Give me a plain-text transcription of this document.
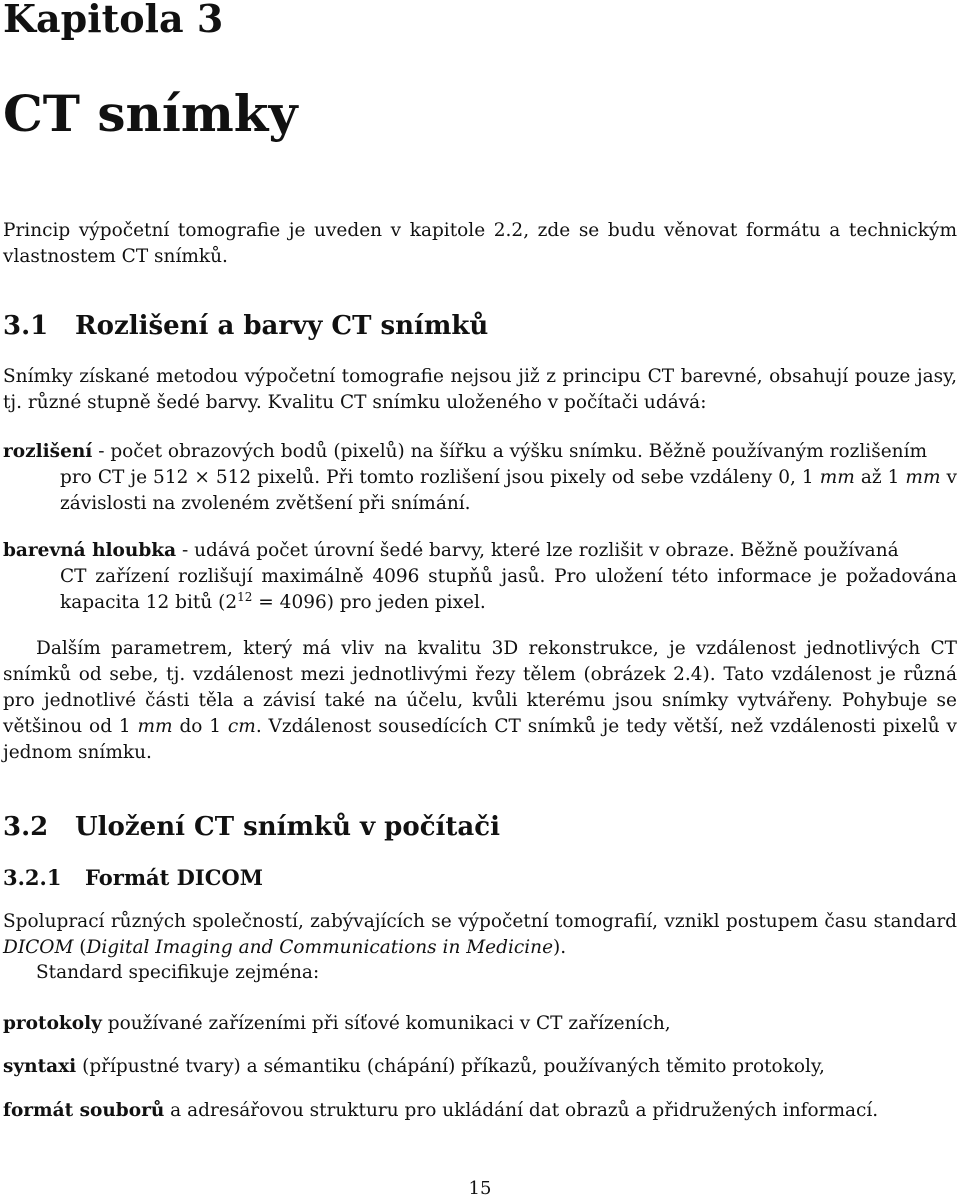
Kapitola 3
CT snímky
Princip výpočetní tomografie je uveden v kapitole 2.2, zde se budu věnovat formátu a technickým vlastnostem CT snímků.
3.1 Rozlišení a barvy CT snímků
Snímky získané metodou výpočetní tomografie nejsou již z principu CT barevné, obsahují pouze jasy, tj. různé stupně šedé barvy. Kvalitu CT snímku uloženého v počítači udává:
rozlišení - počet obrazových bodů (pixelů) na šířku a výšku snímku. Běžně používaným rozlišením
pro CT je 512 × 512 pixelů. Při tomto rozlišení jsou pixely od sebe vzdáleny 0, 1 mm až 1 mm v závislosti na zvoleném zvětšení při snímání.
barevná hloubka - udává počet úrovní šedé barvy, které lze rozlišit v obraze. Běžně používaná
CT zařízení rozlišují maximálně 4096 stupňů jasů. Pro uložení této informace je požadována kapacita 12 bitů $(2^{12} = 4096)$ pro jeden pixel.
Dalším parametrem, který má vliv na kvalitu 3D rekonstrukce, je vzdálenost jednotlivých CT snímků od sebe, tj. vzdálenost mezi jednotlivými řezy tělem (obrázek 2.4). Tato vzdálenost je různá pro jednotlivé části těla a závisí také na účelu, kvůli kterému jsou snímky vytvářeny. Pohybuje se většinou od 1 mm do 1 cm. Vzdálenost sousedících CT snímků je tedy větší, než vzdálenosti pixelů v jednom snímku.
3.2 Uložení CT snímků v počítači
3.2.1 Formát DICOM
Spoluprací různých společností, zabývajících se výpočetní tomografií, vznikl postupem času standard DICOM (Digital Imaging and Communications in Medicine).
Standard specifikuje zejména:
protokoly používané zařízeními při síťové komunikaci v CT zařízeních,
syntaxi (přípustné tvary) a sémantiku (chápání) příkazů, používaných těmito protokoly,
formát souborů a adresářovou strukturu pro ukládání dat obrazů a přidružených informací.
15
